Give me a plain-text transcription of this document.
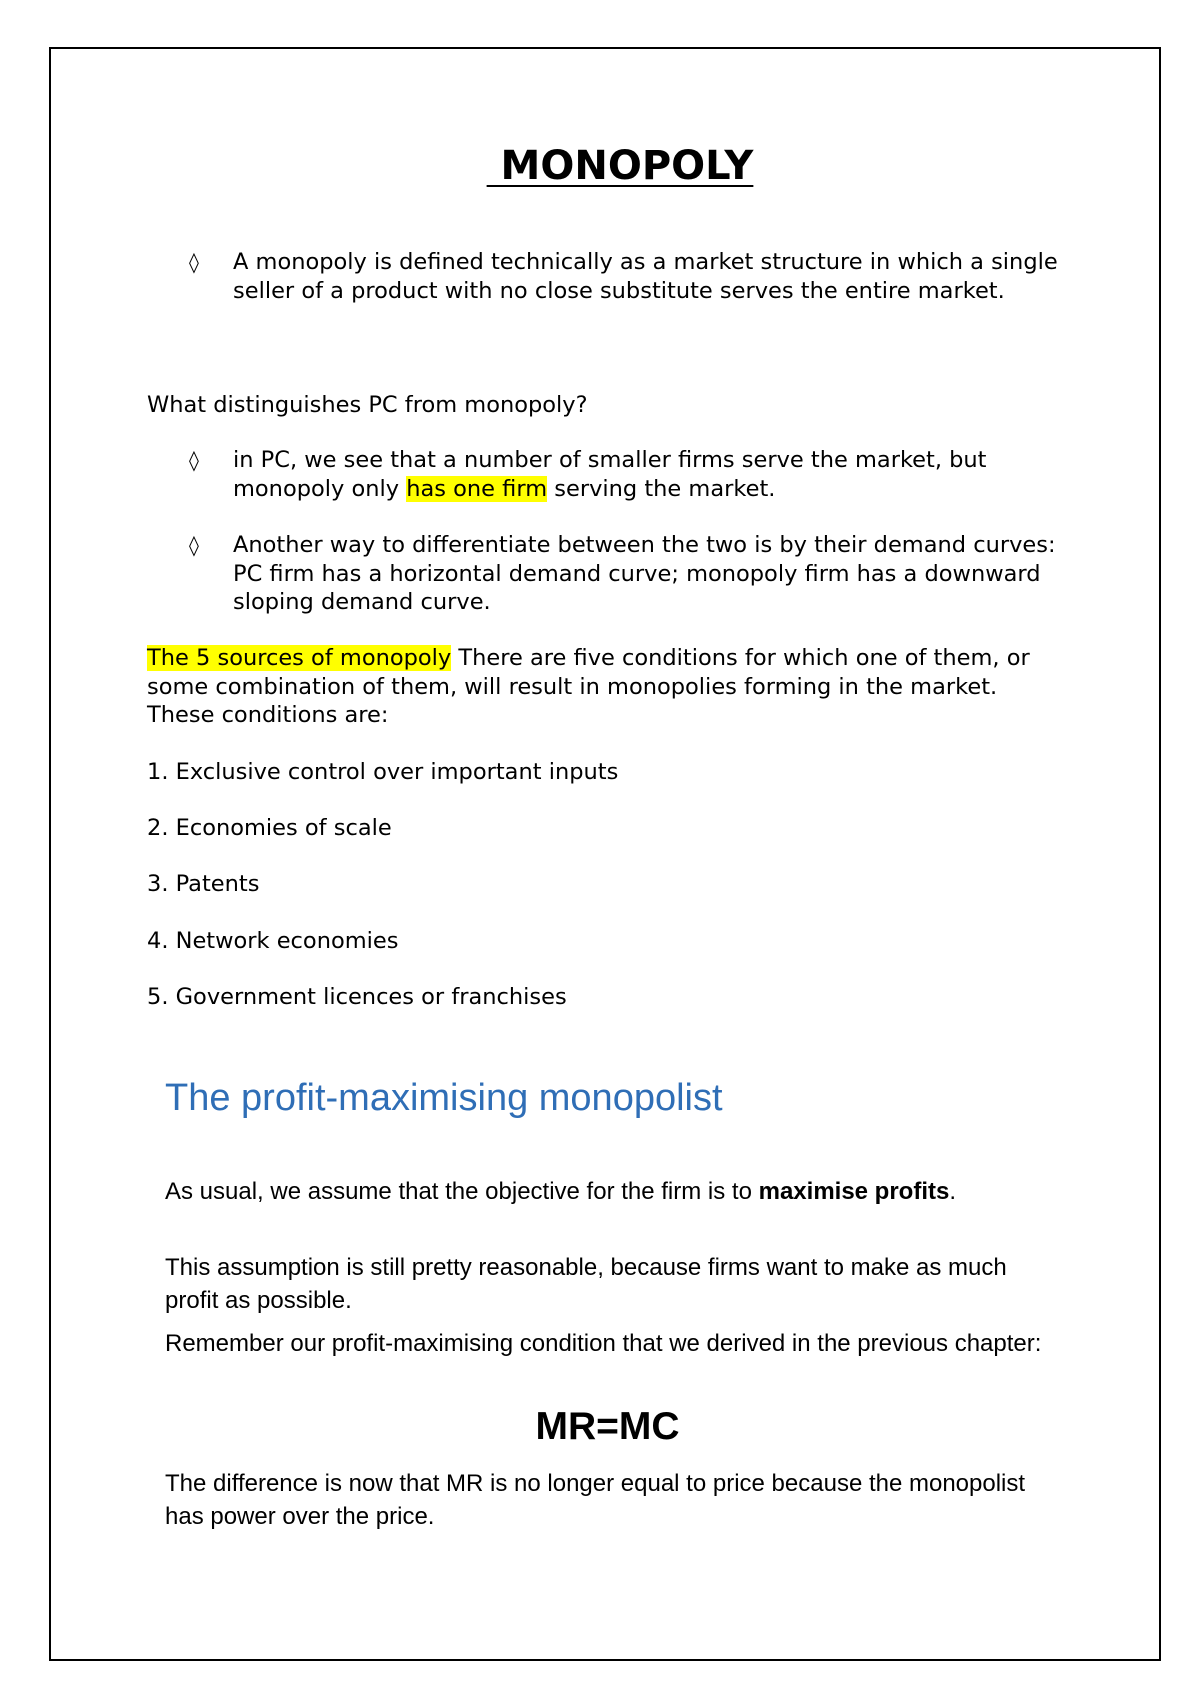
MONOPOLY
◊ A monopoly is defined technically as a market structure in which a single seller of a product with no close substitute serves the entire market.
What distinguishes PC from monopoly?
◊ in PC, we see that a number of smaller firms serve the market, but monopoly only has one firm serving the market.
◊ Another way to differentiate between the two is by their demand curves: PC firm has a horizontal demand curve; monopoly firm has a downward sloping demand curve.
The 5 sources of monopoly There are five conditions for which one of them, or some combination of them, will result in monopolies forming in the market. These conditions are:
1. Exclusive control over important inputs
2. Economies of scale
3. Patents
4. Network economies
5. Government licences or franchises
The profit-maximising monopolist
As usual, we assume that the objective for the firm is to maximise profits.
This assumption is still pretty reasonable, because firms want to make as much profit as possible.
Remember our profit-maximising condition that we derived in the previous chapter:
MR=MC
The difference is now that MR is no longer equal to price because the monopolist has power over the price.
